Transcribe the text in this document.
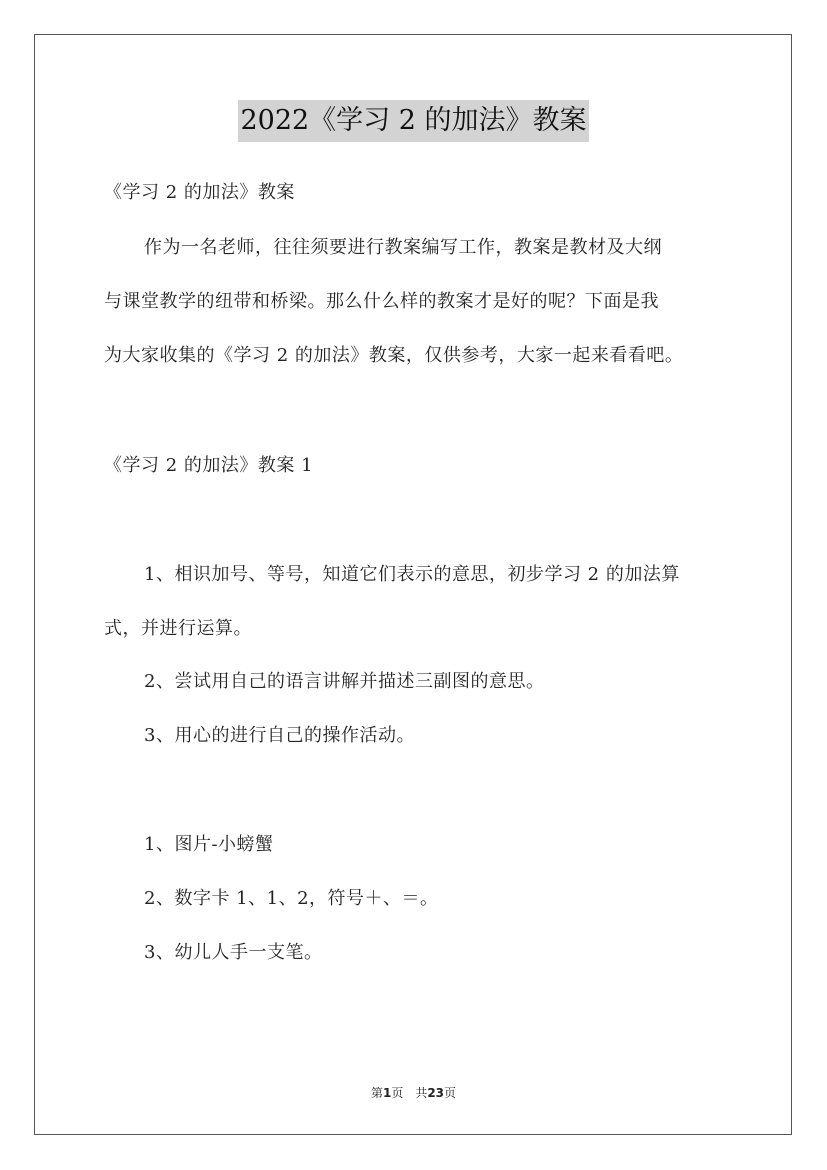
2022《学习 2 的加法》教案
《学习 2 的加法》教案
作为一名老师，往往须要进行教案编写工作，教案是教材及大纲
与课堂教学的纽带和桥梁。那么什么样的教案才是好的呢？下面是我
为大家收集的《学习 2 的加法》教案，仅供参考，大家一起来看看吧。
《学习 2 的加法》教案 1
1、相识加号、等号，知道它们表示的意思，初步学习 2 的加法算
式，并进行运算。
2、尝试用自己的语言讲解并描述三副图的意思。
3、用心的进行自己的操作活动。
1、图片-小螃蟹
2、数字卡 1、1、2，符号＋、＝。
3、幼儿人手一支笔。
第1页　共23页
